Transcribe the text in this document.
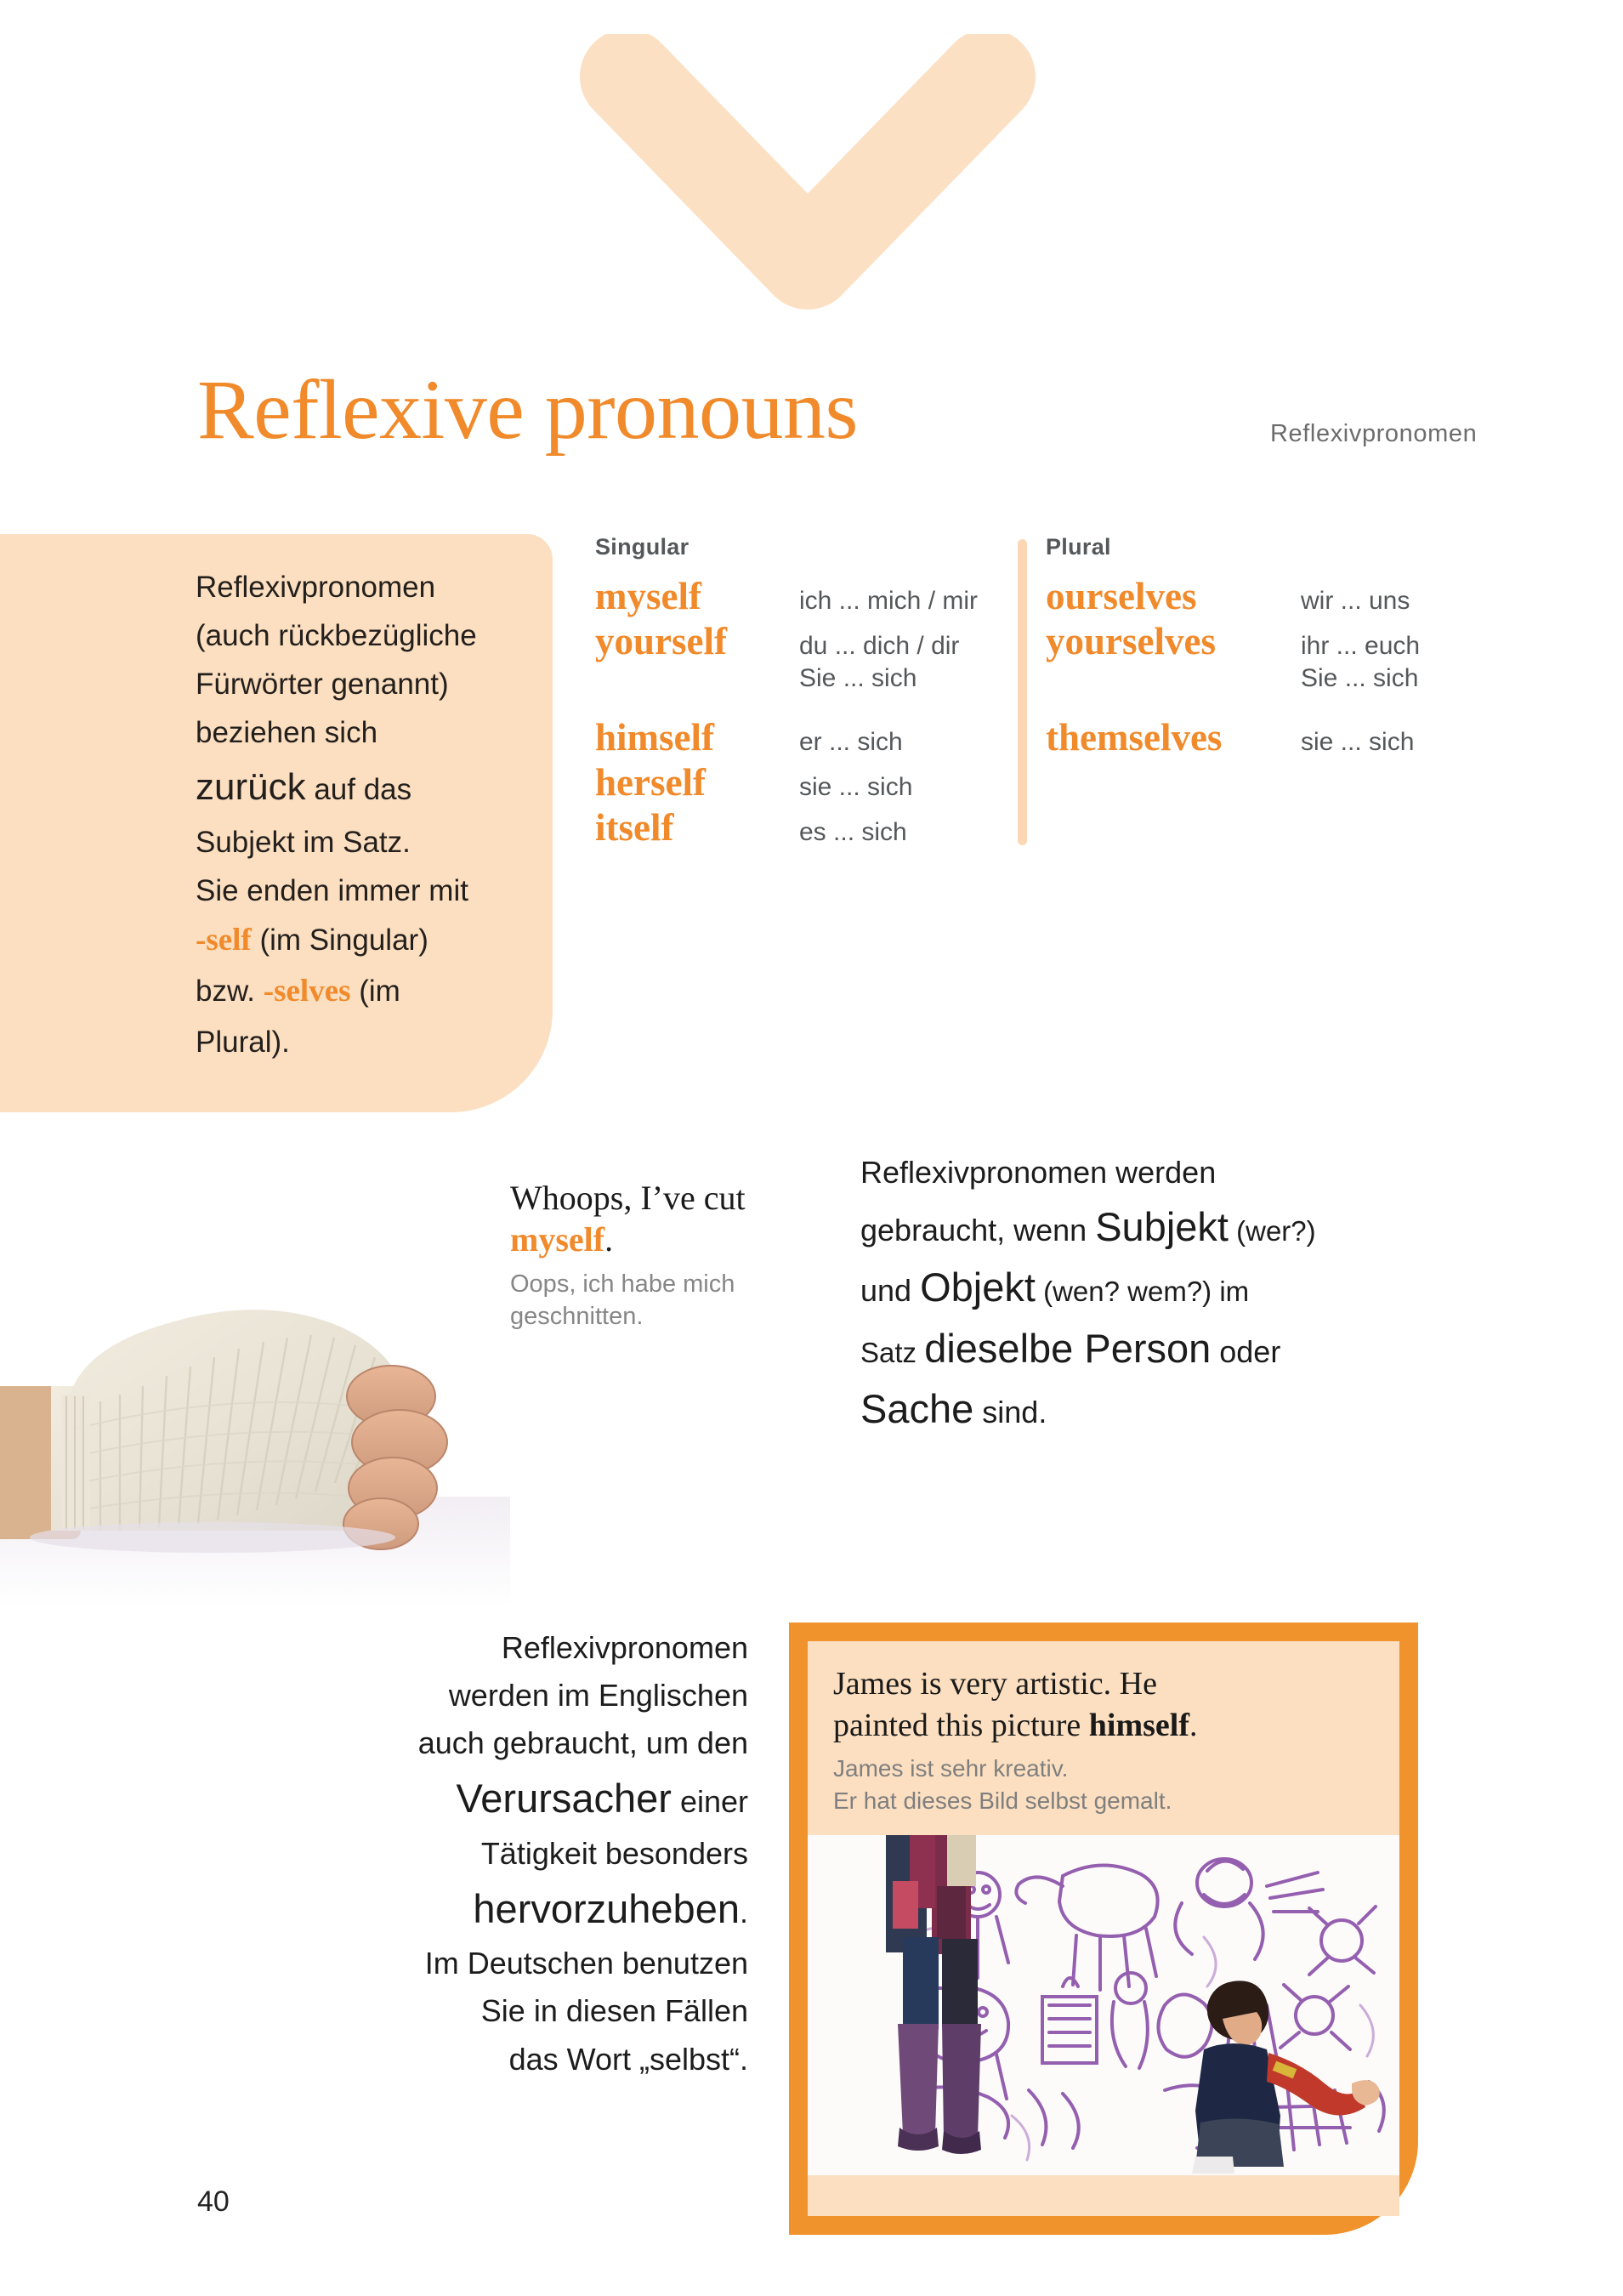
Reflexive pronouns	Reflexivpronomen
Reflexivpronomen
(auch rückbezügliche
Fürwörter genannt)
beziehen sich
zurück auf das
Subjekt im Satz.
Sie enden immer mit
-self (im Singular)
bzw. -selves (im
Plural).
Singular
myself	ich ... mich / mir
yourself	du ... dich / dir
Sie ... sich
himself	er ... sich
herself	sie ... sich
itself	es ... sich
Plural
ourselves	wir ... uns
yourselves	ihr ... euch
Sie ... sich
themselves	sie ... sich
Whoops, I’ve cut myself.
Oops, ich habe mich
geschnitten.
Reflexivpronomen werden
gebraucht, wenn Subjekt (wer?)
und Objekt (wen? wem?) im
Satz dieselbe Person oder
Sache sind.
Reflexivpronomen
werden im Englischen
auch gebraucht, um den
Verursacher einer
Tätigkeit besonders
hervorzuheben.
Im Deutschen benutzen
Sie in diesen Fällen
das Wort „selbst“.
James is very artistic. He
painted this picture himself.
James ist sehr kreativ.
Er hat dieses Bild selbst gemalt.
40
